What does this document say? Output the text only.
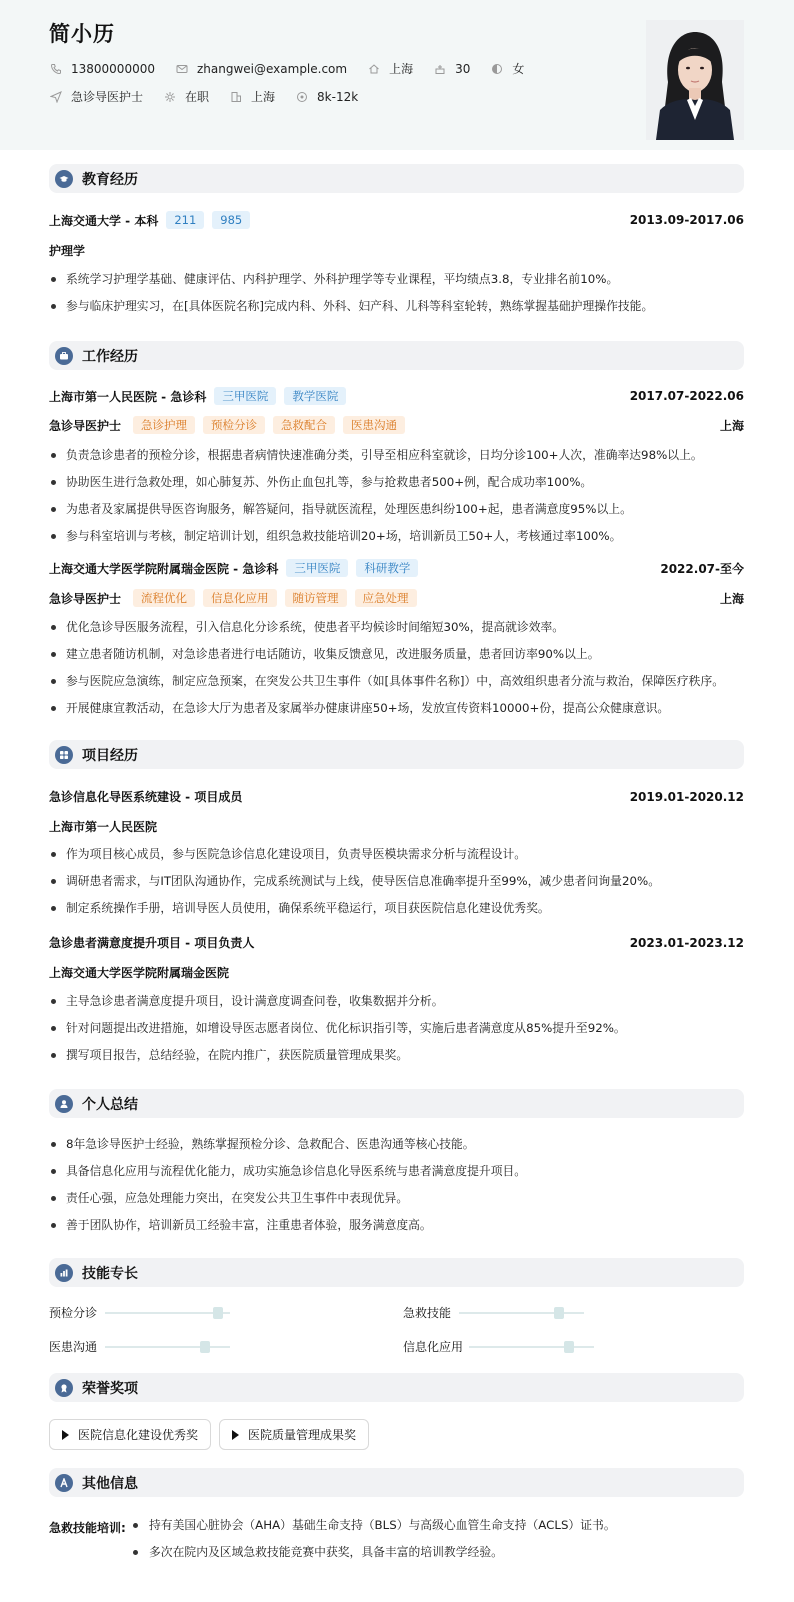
简小历
13800000000	zhangwei@example.com	上海	30	女
急诊导医护士	在职	上海	8k-12k
教育经历
上海交通大学 - 本科	211	985	2013.09-2017.06
护理学
系统学习护理学基础、健康评估、内科护理学、外科护理学等专业课程，平均绩点3.8，专业排名前10%。
参与临床护理实习，在[具体医院名称]完成内科、外科、妇产科、儿科等科室轮转，熟练掌握基础护理操作技能。
工作经历
上海市第一人民医院 - 急诊科	三甲医院	教学医院	2017.07-2022.06
急诊导医护士	急诊护理	预检分诊	急救配合	医患沟通	上海
负责急诊患者的预检分诊，根据患者病情快速准确分类，引导至相应科室就诊，日均分诊100+人次，准确率达98%以上。
协助医生进行急救处理，如心肺复苏、外伤止血包扎等，参与抢救患者500+例，配合成功率100%。
为患者及家属提供导医咨询服务，解答疑问，指导就医流程，处理医患纠纷100+起，患者满意度95%以上。
参与科室培训与考核，制定培训计划，组织急救技能培训20+场，培训新员工50+人，考核通过率100%。
上海交通大学医学院附属瑞金医院 - 急诊科	三甲医院	科研教学	2022.07-至今
急诊导医护士	流程优化	信息化应用	随访管理	应急处理	上海
优化急诊导医服务流程，引入信息化分诊系统，使患者平均候诊时间缩短30%，提高就诊效率。
建立患者随访机制，对急诊患者进行电话随访，收集反馈意见，改进服务质量，患者回访率90%以上。
参与医院应急演练，制定应急预案，在突发公共卫生事件（如[具体事件名称]）中，高效组织患者分流与救治，保障医疗秩序。
开展健康宣教活动，在急诊大厅为患者及家属举办健康讲座50+场，发放宣传资料10000+份，提高公众健康意识。
项目经历
急诊信息化导医系统建设 - 项目成员	2019.01-2020.12
上海市第一人民医院
作为项目核心成员，参与医院急诊信息化建设项目，负责导医模块需求分析与流程设计。
调研患者需求，与IT团队沟通协作，完成系统测试与上线，使导医信息准确率提升至99%，减少患者问询量20%。
制定系统操作手册，培训导医人员使用，确保系统平稳运行，项目获医院信息化建设优秀奖。
急诊患者满意度提升项目 - 项目负责人	2023.01-2023.12
上海交通大学医学院附属瑞金医院
主导急诊患者满意度提升项目，设计满意度调查问卷，收集数据并分析。
针对问题提出改进措施，如增设导医志愿者岗位、优化标识指引等，实施后患者满意度从85%提升至92%。
撰写项目报告，总结经验，在院内推广，获医院质量管理成果奖。
个人总结
8年急诊导医护士经验，熟练掌握预检分诊、急救配合、医患沟通等核心技能。
具备信息化应用与流程优化能力，成功实施急诊信息化导医系统与患者满意度提升项目。
责任心强，应急处理能力突出，在突发公共卫生事件中表现优异。
善于团队协作，培训新员工经验丰富，注重患者体验，服务满意度高。
技能专长
预检分诊	急救技能
医患沟通	信息化应用
荣誉奖项
医院信息化建设优秀奖	医院质量管理成果奖
其他信息
急救技能培训:	持有美国心脏协会（AHA）基础生命支持（BLS）与高级心血管生命支持（ACLS）证书。
多次在院内及区域急救技能竞赛中获奖，具备丰富的培训教学经验。
